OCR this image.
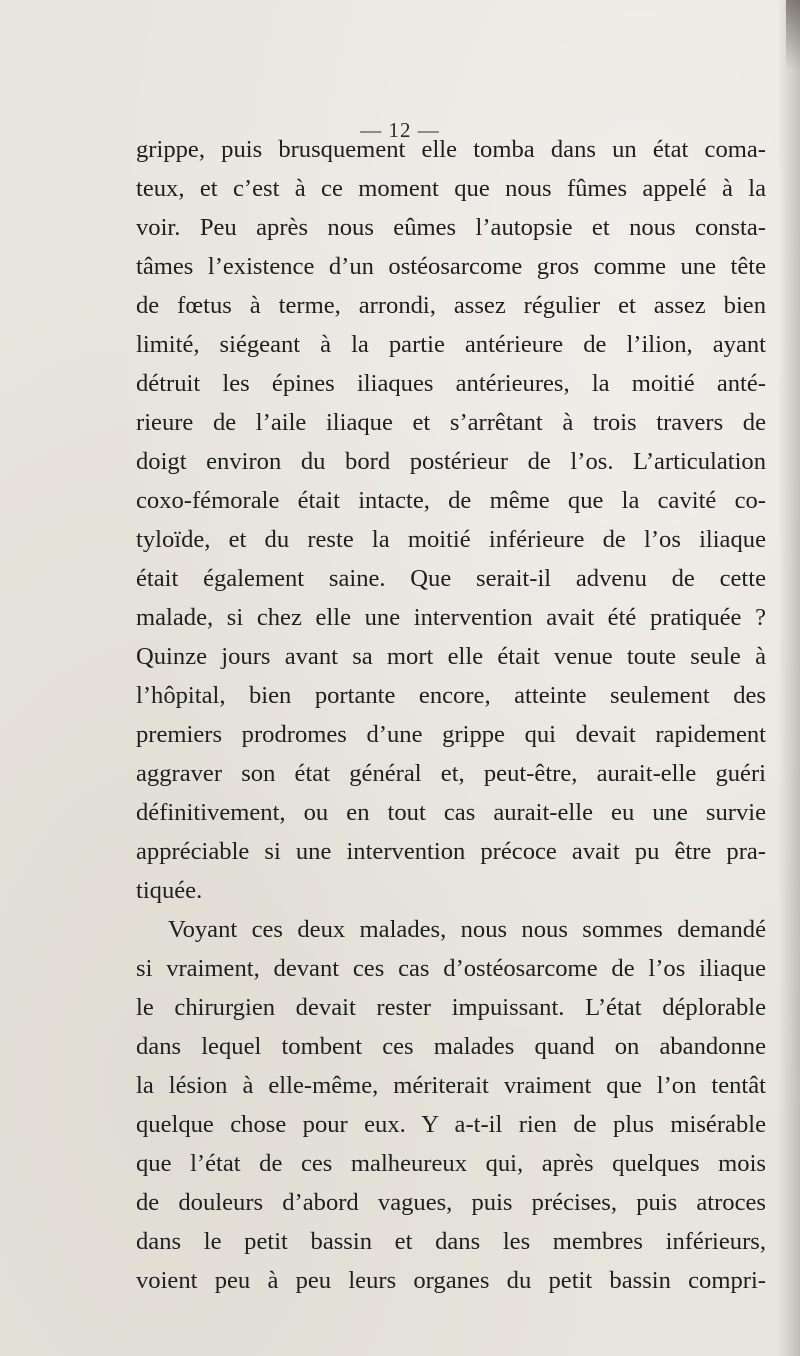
— 12 —
grippe, puis brusquement elle tomba dans un état coma-
teux, et c’est à ce moment que nous fûmes appelé à la
voir. Peu après nous eûmes l’autopsie et nous consta-
tâmes l’existence d’un ostéosarcome gros comme une tête
de fœtus à terme, arrondi, assez régulier et assez bien
limité, siégeant à la partie antérieure de l’ilion, ayant
détruit les épines iliaques antérieures, la moitié anté-
rieure de l’aile iliaque et s’arrêtant à trois travers de
doigt environ du bord postérieur de l’os. L’articulation
coxo-fémorale était intacte, de même que la cavité co-
tyloïde, et du reste la moitié inférieure de l’os iliaque
était également saine. Que serait-il advenu de cette
malade, si chez elle une intervention avait été pratiquée ?
Quinze jours avant sa mort elle était venue toute seule à
l’hôpital, bien portante encore, atteinte seulement des
premiers prodromes d’une grippe qui devait rapidement
aggraver son état général et, peut-être, aurait-elle guéri
définitivement, ou en tout cas aurait-elle eu une survie
appréciable si une intervention précoce avait pu être pra-
tiquée.
Voyant ces deux malades, nous nous sommes demandé
si vraiment, devant ces cas d’ostéosarcome de l’os iliaque
le chirurgien devait rester impuissant. L’état déplorable
dans lequel tombent ces malades quand on abandonne
la lésion à elle-même, mériterait vraiment que l’on tentât
quelque chose pour eux. Y a-t-il rien de plus misérable
que l’état de ces malheureux qui, après quelques mois
de douleurs d’abord vagues, puis précises, puis atroces
dans le petit bassin et dans les membres inférieurs,
voient peu à peu leurs organes du petit bassin compri-
